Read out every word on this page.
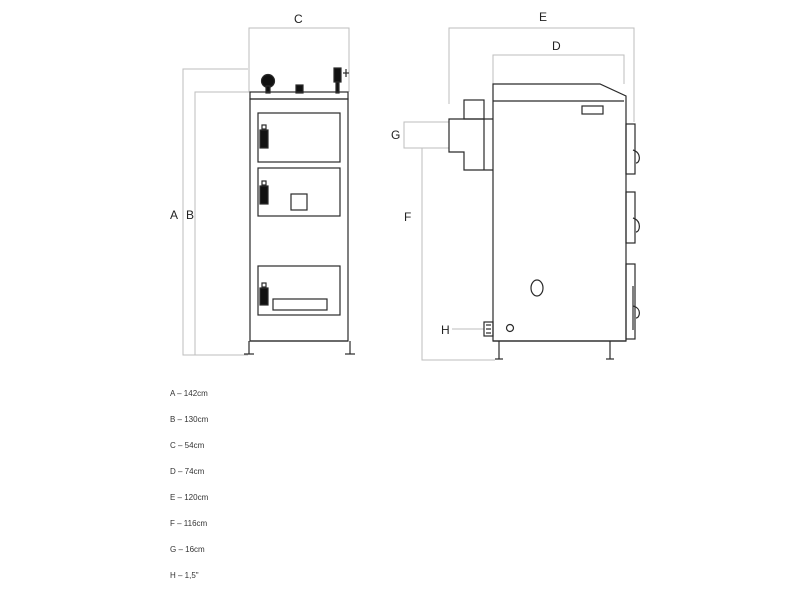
A B
C	E
D
G
F
H
A – 142cm
B – 130cm
C – 54cm
D – 74cm
E – 120cm
F – 116cm
G – 16cm
H – 1,5"
